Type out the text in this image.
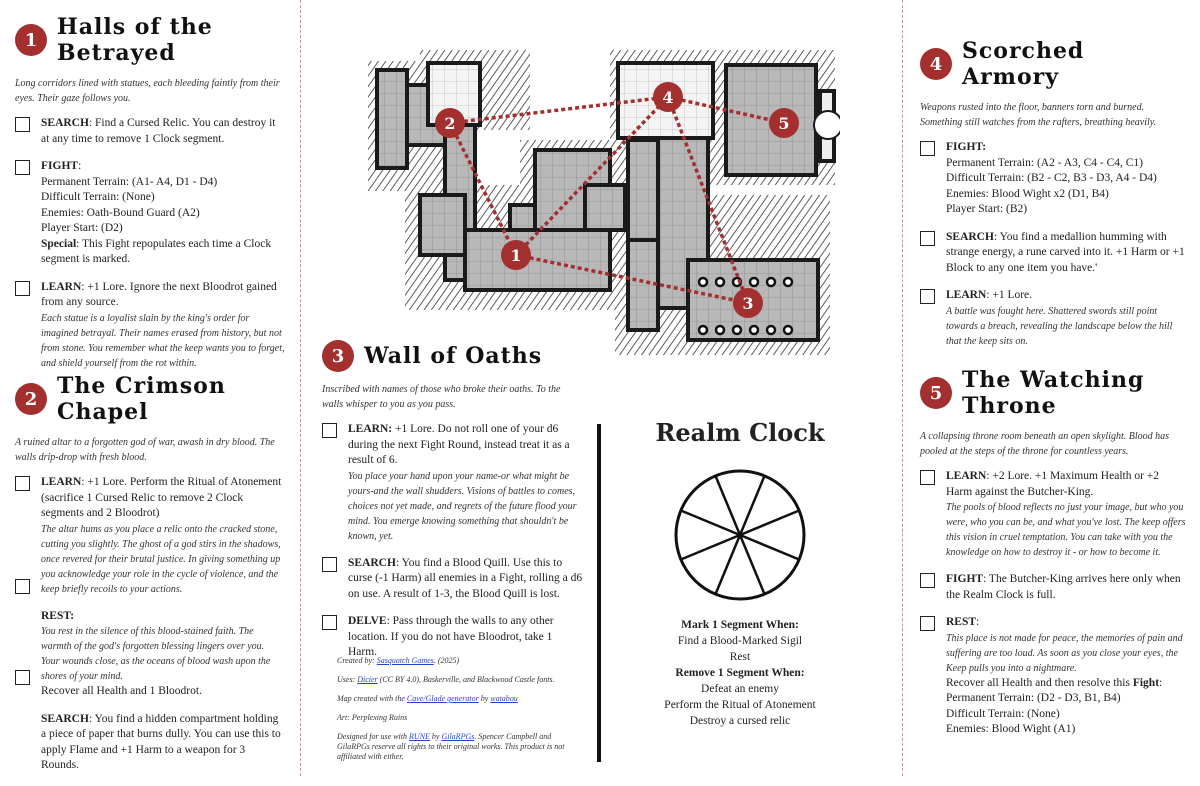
1 Halls of the Betrayed

Long corridors lined with statues, each bleeding faintly from their eyes. Their gaze follows you.

SEARCH: Find a Cursed Relic. You can destroy it at any time to remove 1 Clock segment.
FIGHT:
Permanent Terrain: (A1- A4, D1 - D4)
Difficult Terrain: (None)
Enemies: Oath-Bound Guard (A2)
Player Start: (D2)
Special: This Fight repopulates each time a Clock segment is marked.
LEARN: +1 Lore. Ignore the next Bloodrot gained from any source.
Each statue is a loyalist slain by the king's order for imagined betrayal. Their names erased from history, but not from stone. You remember what the keep wants you to forget, and shield yourself from the rot within.
2 The Crimson Chapel

A ruined altar to a forgotten god of war, awash in dry blood. The walls drip-drop with fresh blood.

LEARN: +1 Lore. Perform the Ritual of Atonement (sacrifice 1 Cursed Relic to remove 2 Clock segments and 2 Bloodrot)
The altar hums as you place a relic onto the cracked stone, cutting you slightly. The ghost of a god stirs in the shadows, once revered for their brutal justice. In giving something up you acknowledge your role in the cycle of violence, and the keep briefly recoils to your actions.
REST:
You rest in the silence of this blood-stained faith. The warmth of the god's forgotten blessing lingers over you. Your wounds close, as the oceans of blood wash upon the shores of your mind.
Recover all Health and 1 Bloodrot.
SEARCH: You find a hidden compartment holding a piece of paper that burns dully. You can use this to apply Flame and +1 Harm to a weapon for 3 Rounds.
1
2
3
4
5
3 Wall of Oaths

Inscribed with names of those who broke their oaths. To the walls whisper to you as you pass.

LEARN: +1 Lore. Do not roll one of your d6 during the next Fight Round, instead treat it as a result of 6.
You place your hand upon your name-or what might be yours-and the wall shudders. Visions of battles to comes, choices not yet made, and regrets of the future flood your mind. You emerge knowing something that shouldn't be known, yet.
SEARCH: You find a Blood Quill. Use this to curse (-1 Harm) all enemies in a Fight, rolling a d6 on use. A result of 1-3, the Blood Quill is lost.
DELVE: Pass through the walls to any other location. If you do not have Bloodrot, take 1 Harm.

Created by: Sasquatch Games. (2025)

Uses: Dicier (CC BY 4.0), Baskerville, and Blackwood Castle fonts.

Map created with the Cave/Glade generator by watabou

Art: Perplexing Ruins

Designed for use with RUNE by GilaRPGs. Spencer Campbell and GilaRPGs reserve all rights to their original works. This product is not affiliated with either.

Realm Clock
Mark 1 Segment When:
Find a Blood-Marked Sigil
Rest
Remove 1 Segment When:
Defeat an enemy
Perform the Ritual of Atonement
Destroy a cursed relic
4 Scorched Armory

Weapons rusted into the floor, banners torn and burned. Something still watches from the rafters, breathing heavily.

FIGHT:
Permanent Terrain: (A2 - A3, C4 - C4, C1)
Difficult Terrain: (B2 - C2, B3 - D3, A4 - D4)
Enemies: Blood Wight x2 (D1, B4)
Player Start: (B2)
SEARCH: You find a medallion humming with strange energy, a rune carved into it. +1 Harm or +1 Block to any one item you have.'
LEARN: +1 Lore.
A battle was fought here. Shattered swords still point towards a breach, revealing the landscape below the hill that the keep sits on.
5 The Watching Throne

A collapsing throne room beneath an open skylight. Blood has pooled at the steps of the throne for countless years.

LEARN: +2 Lore. +1 Maximum Health or +2 Harm against the Butcher-King.
The pools of blood reflects no just your image, but who you were, who you can be, and what you've lost. The keep offers this vision in cruel temptation. You can take with you the knowledge on how to destroy it - or how to become it.
FIGHT: The Butcher-King arrives here only when the Realm Clock is full.
REST:
This place is not made for peace, the memories of pain and suffering are too loud. As soon as you close your eyes, the Keep pulls you into a nightmare.
Recover all Health and then resolve this Fight:
Permanent Terrain: (D2 - D3, B1, B4)
Difficult Terrain: (None)
Enemies: Blood Wight (A1)
